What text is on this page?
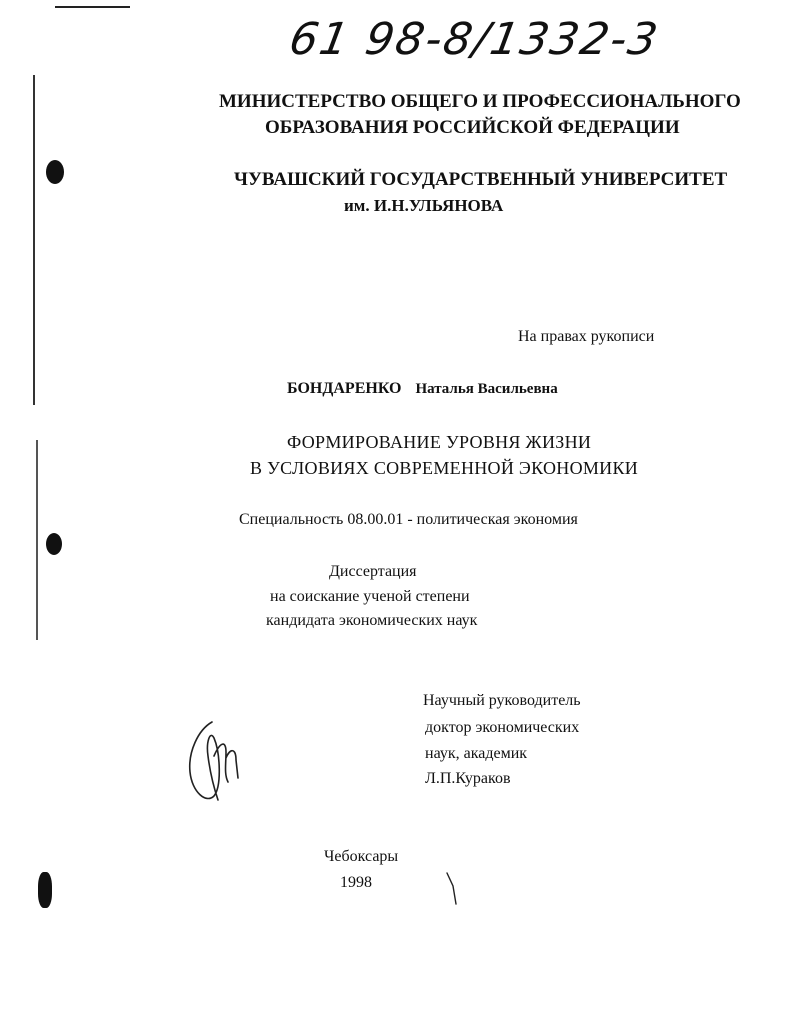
61 98-8/1332-3
МИНИСТЕРСТВО ОБЩЕГО И ПРОФЕССИОНАЛЬНОГО
ОБРАЗОВАНИЯ РОССИЙСКОЙ ФЕДЕРАЦИИ
ЧУВАШСКИЙ ГОСУДАРСТВЕННЫЙ УНИВЕРСИТЕТ
им. И.Н.УЛЬЯНОВА
На правах рукописи
БОНДАРЕНКО Наталья Васильевна
ФОРМИРОВАНИЕ УРОВНЯ ЖИЗНИ
В УСЛОВИЯХ СОВРЕМЕННОЙ ЭКОНОМИКИ
Специальность 08.00.01 - политическая экономия
Диссертация
на соискание ученой степени
кандидата экономических наук
Научный руководитель
доктор экономических
наук, академик
Л.П.Кураков
Чебоксары
1998
